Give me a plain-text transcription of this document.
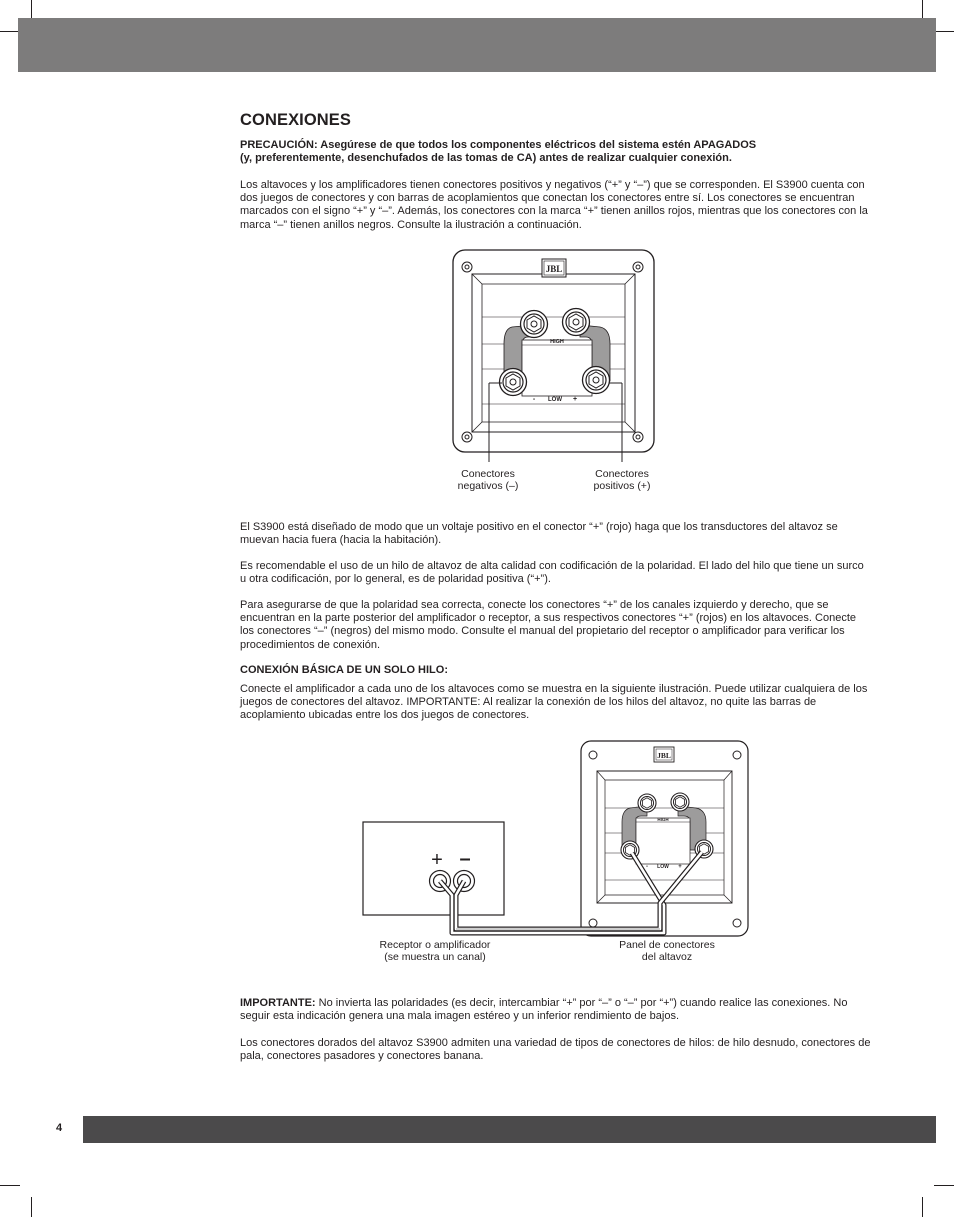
CONEXIONES

PRECAUCIÓN: Asegúrese de que todos los componentes eléctricos del sistema estén APAGADOS
(y, preferentemente, desenchufados de las tomas de CA) antes de realizar cualquier conexión.

Los altavoces y los amplificadores tienen conectores positivos y negativos (“+” y “–”) que se corresponden. El S3900 cuenta con dos juegos de conectores y con barras de acoplamientos que conectan los conectores entre sí. Los conectores se encuentran marcados con el signo “+” y “–”. Además, los conectores con la marca “+” tienen anillos rojos, mientras que los conectores con la marca “–” tienen anillos negros. Consulte la ilustración a continuación.

El S3900 está diseñado de modo que un voltaje positivo en el conector “+” (rojo) haga que los transductores del altavoz se muevan hacia fuera (hacia la habitación).

Es recomendable el uso de un hilo de altavoz de alta calidad con codificación de la polaridad. El lado del hilo que tiene un surco u otra codificación, por lo general, es de polaridad positiva (“+”).

Para asegurarse de que la polaridad sea correcta, conecte los conectores “+” de los canales izquierdo y derecho, que se encuentran en la parte posterior del amplificador o receptor, a sus respectivos conectores “+” (rojos) en los altavoces. Conecte los conectores “–” (negros) del mismo modo. Consulte el manual del propietario del receptor o amplificador para verificar los procedimientos de conexión.

CONEXIÓN BÁSICA DE UN SOLO HILO:

Conecte el amplificador a cada uno de los altavoces como se muestra en la siguiente ilustración. Puede utilizar cualquiera de los juegos de conectores del altavoz. IMPORTANTE: Al realizar la conexión de los hilos del altavoz, no quite las barras de acoplamiento ubicadas entre los dos juegos de conectores.

IMPORTANTE: No invierta las polaridades (es decir, intercambiar “+” por “–” o “–” por “+”) cuando realice las conexiones. No seguir esta indicación genera una mala imagen estéreo y un inferior rendimiento de bajos.

Los conectores dorados del altavoz S3900 admiten una variedad de tipos de conectores de hilos: de hilo desnudo, conectores de pala, conectores pasadores y conectores banana.

JBL
HIGH
- LOW +
Conectores
negativos (–)
Conectores
positivos (+)
+ –
JBL
HIGH
- LOW +
Receptor o amplificador
(se muestra un canal)
Panel de conectores
del altavoz
4
